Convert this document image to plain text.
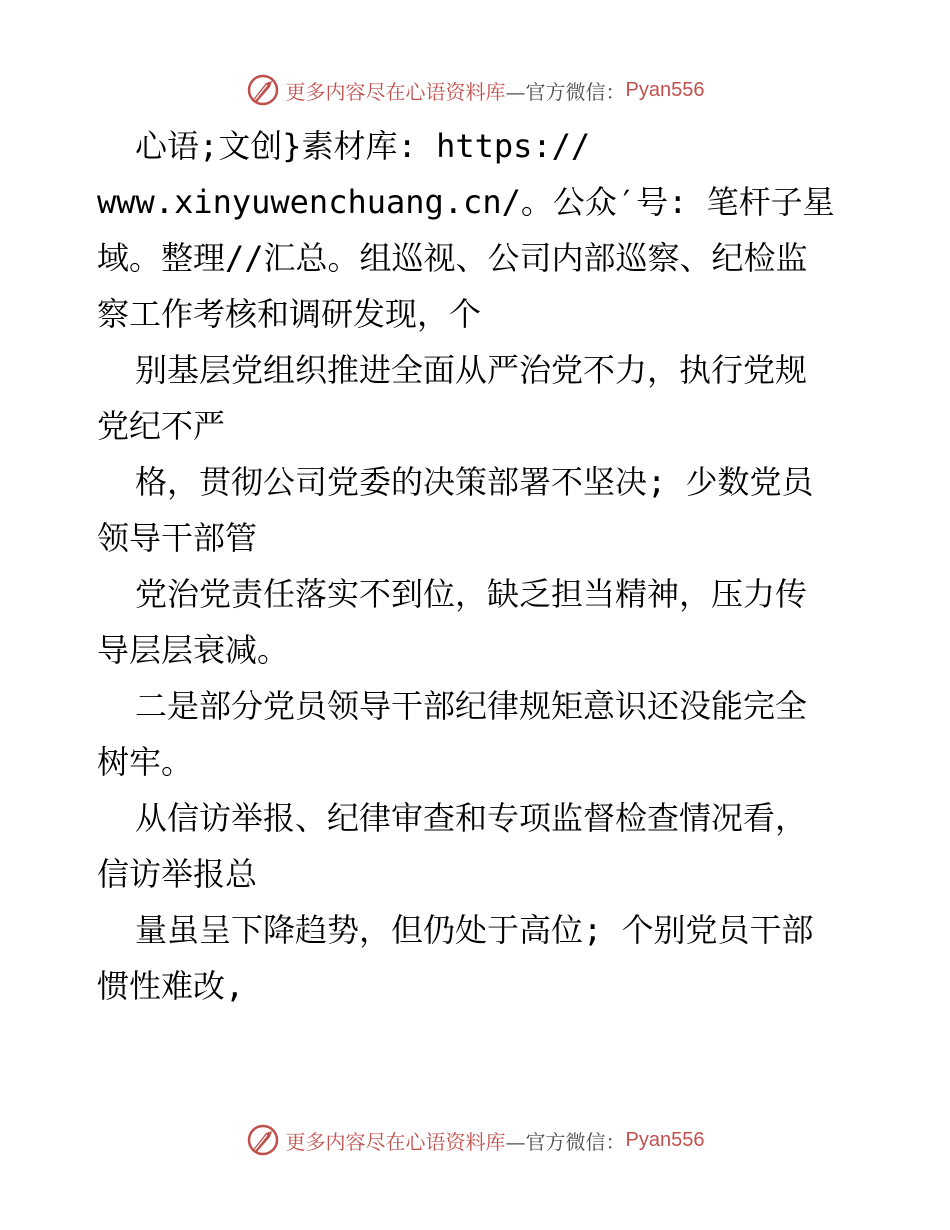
更多内容尽在心语资料库 —官方微信： Pyan556
心语;文创}素材库: https://
www.xinyuwenchuang.cn/。公众′号: 笔杆子星
域。整理//汇总。组巡视、公司内部巡察、纪检监
察工作考核和调研发现，个
别基层党组织推进全面从严治党不力，执行党规
党纪不严
格，贯彻公司党委的决策部署不坚决; 少数党员
领导干部管
党治党责任落实不到位，缺乏担当精神，压力传
导层层衰减。
二是部分党员领导干部纪律规矩意识还没能完全
树牢。
从信访举报、纪律审查和专项监督检查情况看，
信访举报总
量虽呈下降趋势，但仍处于高位; 个别党员干部
惯性难改,
更多内容尽在心语资料库 —官方微信： Pyan556
